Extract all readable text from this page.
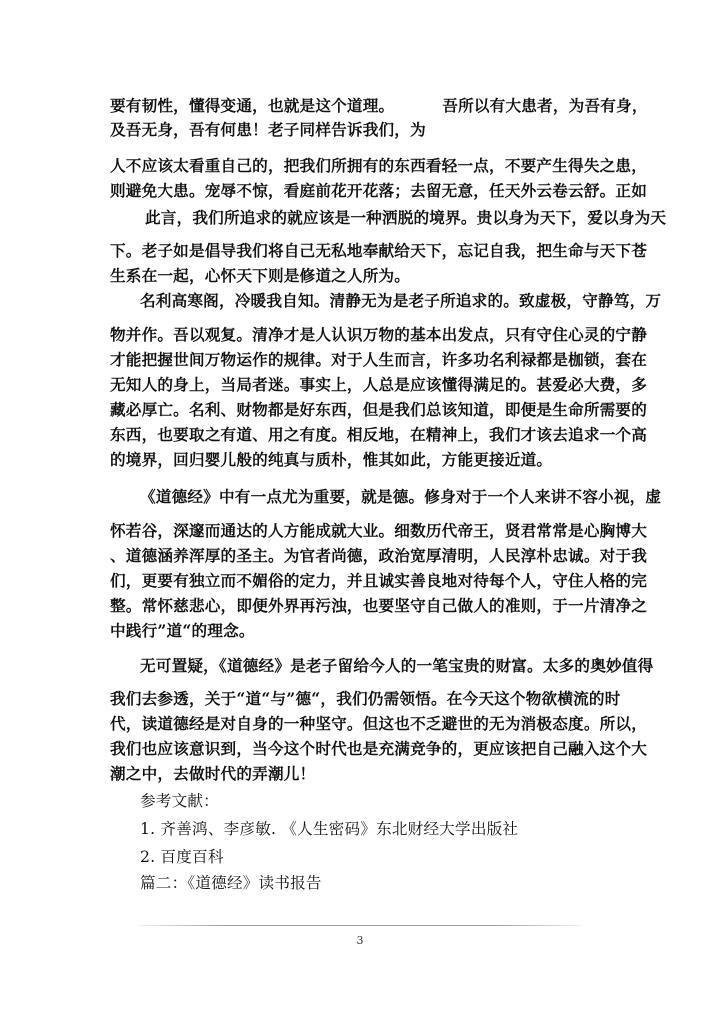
要有韧性，懂得变通，也就是这个道理。	吾所以有大患者，为吾有身，
及吾无身，吾有何患！老子同样告诉我们，为
人不应该太看重自己的，把我们所拥有的东西看轻一点，不要产生得失之患，
则避免大患。宠辱不惊，看庭前花开花落；去留无意，任天外云卷云舒。正如
此言，我们所追求的就应该是一种洒脱的境界。贵以身为天下，爱以身为天
下。老子如是倡导我们将自己无私地奉献给天下，忘记自我，把生命与天下苍
生系在一起，心怀天下则是修道之人所为。
名利高寒阁，冷暖我自知。清静无为是老子所追求的。致虚极，守静笃，万
物并作。吾以观复。清净才是人认识万物的基本出发点，只有守住心灵的宁静
才能把握世间万物运作的规律。对于人生而言，许多功名利禄都是枷锁，套在
无知人的身上，当局者迷。事实上，人总是应该懂得满足的。甚爱必大费，多
藏必厚亡。名利、财物都是好东西，但是我们总该知道，即便是生命所需要的
东西，也要取之有道、用之有度。相反地，在精神上，我们才该去追求一个高
的境界，回归婴儿般的纯真与质朴，惟其如此，方能更接近道。
《道德经》中有一点尤为重要，就是德。修身对于一个人来讲不容小视，虚
怀若谷，深邃而通达的人方能成就大业。细数历代帝王，贤君常常是心胸博大
、道德涵养浑厚的圣主。为官者尚德，政治宽厚清明，人民淳朴忠诚。对于我
们，更要有独立而不媚俗的定力，并且诚实善良地对待每个人，守住人格的完
整。常怀慈悲心，即便外界再污浊，也要坚守自己做人的准则，于一片清净之
中践行”道“的理念。
无可置疑，《道德经》是老子留给今人的一笔宝贵的财富。太多的奥妙值得
我们去参透，关于“道“与”德“，我们仍需领悟。在今天这个物欲横流的时
代，读道德经是对自身的一种坚守。但这也不乏避世的无为消极态度。所以，
我们也应该意识到，当今这个时代也是充满竞争的，更应该把自己融入这个大
潮之中，去做时代的弄潮儿！
参考文献：
1. 齐善鸿、李彦敏. 《人生密码》东北财经大学出版社
2. 百度百科
篇二：《道德经》读书报告
3
